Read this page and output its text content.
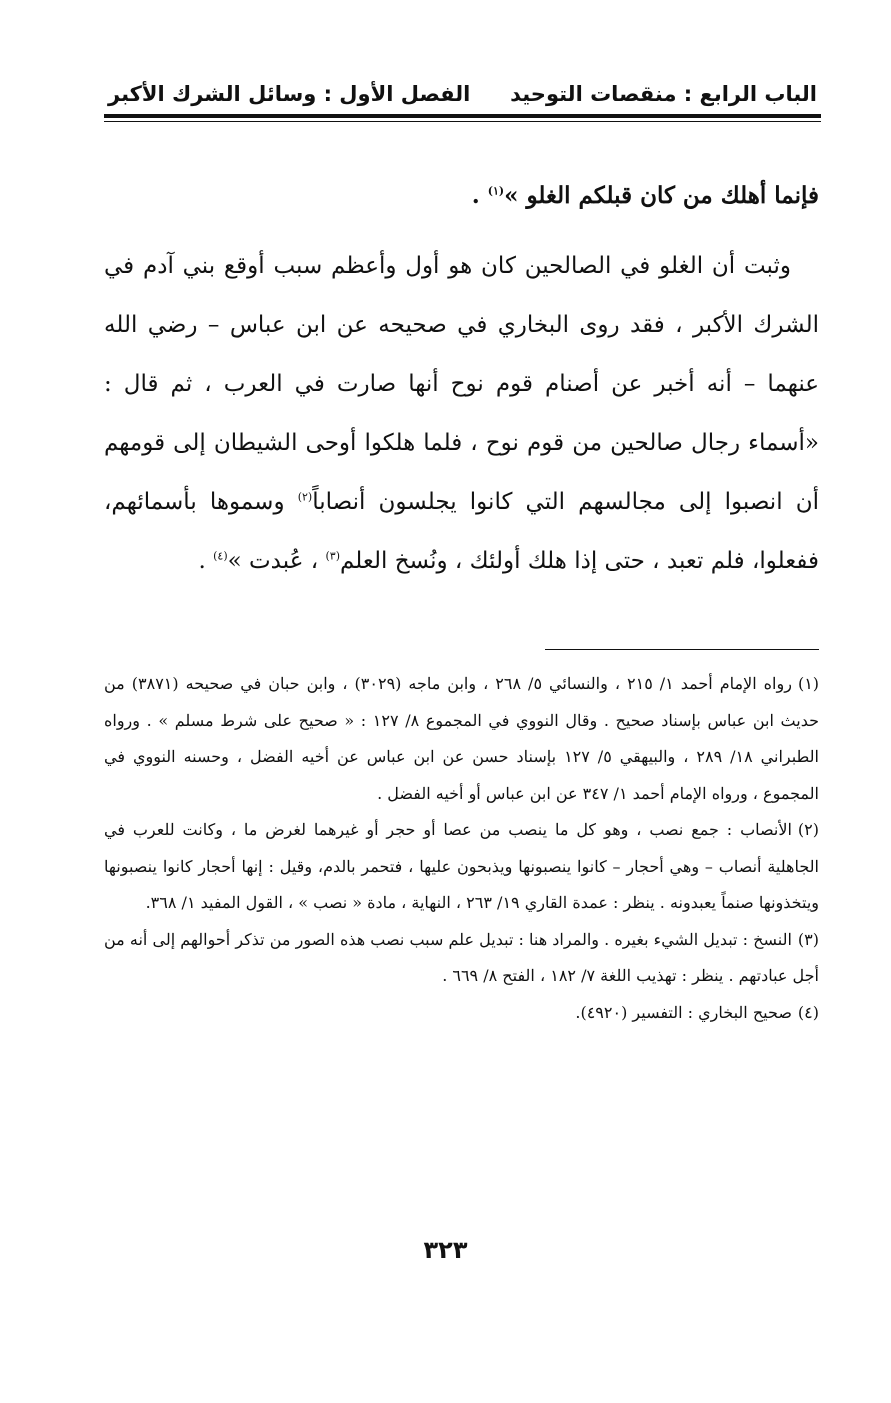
الباب الرابع : منقصات التوحيد
الفصل الأول : وسائل الشرك الأكبر

فإنما أهلك من كان قبلكم الغلو »$^{(١)}$ .

وثبت أن الغلو في الصالحين كان هو أول وأعظم سبب أوقع بني آدم في الشرك الأكبر ، فقد روى البخاري في صحيحه عن ابن عباس – رضي الله عنهما – أنه أخبر عن أصنام قوم نوح أنها صارت في العرب ، ثم قال : «أسماء رجال صالحين من قوم نوح ، فلما هلكوا أوحى الشيطان إلى قومهم أن انصبوا إلى مجالسهم التي كانوا يجلسون أنصاباً$^{(٢)}$ وسموها بأسمائهم، ففعلوا، فلم تعبد ، حتى إذا هلك أولئك ، ونُسخ العلم$^{(٣)}$ ، عُبدت »$^{(٤)}$ .

(١)رواه الإمام أحمد ١/ ٢١٥ ، والنسائي ٥/ ٢٦٨ ، وابن ماجه (٣٠٢٩) ، وابن حبان في صحيحه (٣٨٧١) من حديث ابن عباس بإسناد صحيح . وقال النووي في المجموع ٨/ ١٢٧ : « صحيح على شرط مسلم » . ورواه الطبراني ١٨/ ٢٨٩ ، والبيهقي ٥/ ١٢٧ بإسناد حسن عن ابن عباس عن أخيه الفضل ، وحسنه النووي في المجموع ، ورواه الإمام أحمد ١/ ٣٤٧ عن ابن عباس أو أخيه الفضل .

(٢)الأنصاب : جمع نصب ، وهو كل ما ينصب من عصا أو حجر أو غيرهما لغرض ما ، وكانت للعرب في الجاهلية أنصاب – وهي أحجار – كانوا ينصبونها ويذبحون عليها ، فتحمر بالدم، وقيل : إنها أحجار كانوا ينصبونها ويتخذونها صنماً يعبدونه . ينظر : عمدة القاري ١٩/ ٢٦٣ ، النهاية ، مادة « نصب » ، القول المفيد ١/ ٣٦٨.

(٣)النسخ : تبديل الشيء بغيره . والمراد هنا : تبديل علم سبب نصب هذه الصور من تذكر أحوالهم إلى أنه من أجل عبادتهم . ينظر : تهذيب اللغة ٧/ ١٨٢ ، الفتح ٨/ ٦٦٩ .

(٤)صحيح البخاري : التفسير (٤٩٢٠).

٣٢٣
